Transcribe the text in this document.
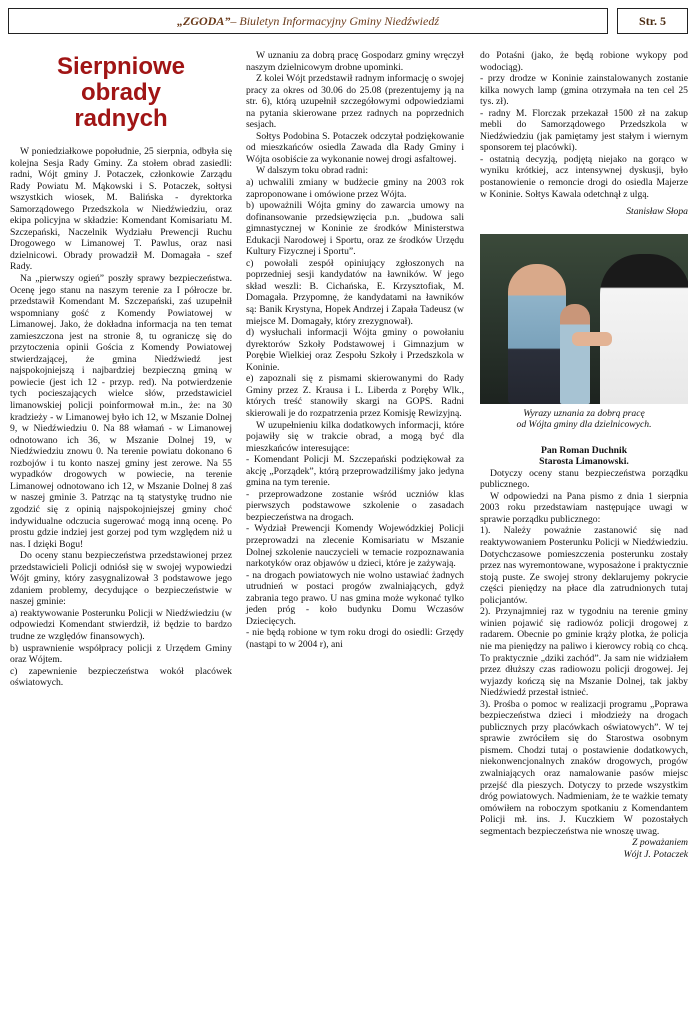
„ZGODA” – Biuletyn Informacyjny Gminy Niedźwiedź	Str. 5
Sierpniowe
obrady
radnych

W poniedziałkowe popołudnie, 25 sierpnia, odbyła się kolejna Sesja Rady Gminy. Za stołem obrad zasiedli: radni, Wójt gminy J. Potaczek, członkowie Zarządu Rady Powiatu M. Mąkowski i S. Potaczek, sołtysi wszystkich wiosek, M. Balińska - dyrektorka Samorządowego Przedszkola w Niedźwiedziu, oraz ekipa policyjna w składzie: Komendant Komisariatu M. Szczepański, Naczelnik Wydziału Prewencji Ruchu Drogowego w Limanowej T. Pawlus, oraz nasi dzielnicowi. Obrady prowadził M. Domagała - szef Rady.

Na „pierwszy ogień” poszły sprawy bezpieczeństwa. Ocenę jego stanu na naszym terenie za I półrocze br. przedstawił Komendant M. Szczepański, zaś uzupełnił wspomniany gość z Komendy Powiatowej w Limanowej. Jako, że dokładna informacja na ten temat zamieszczona jest na stronie 8, tu ograniczę się do przytoczenia opinii Gościa z Komendy Powiatowej stwierdzającej, że gmina Niedźwiedź jest najspokojniejszą i najbardziej bezpieczną gminą w powiecie (jest ich 12 - przyp. red). Na potwierdzenie tych pocieszających wielce słów, przedstawiciel limanowskiej policji poinformował m.in., że: na 30 kradzieży - w Limanowej było ich 12, w Mszanie Dolnej 9, w Niedźwiedziu 0. Na 88 włamań - w Limanowej odnotowano ich 36, w Mszanie Dolnej 19, w Niedźwiedziu znowu 0. Na terenie powiatu dokonano 6 rozbojów i tu konto naszej gminy jest zerowe. Na 55 wypadków drogowych w powiecie, na terenie Limanowej odnotowano ich 12, w Mszanie Dolnej 8 zaś w naszej gminie 3. Patrząc na tą statystykę trudno nie zgodzić się z opinią najspokojniejszej gminy choć indywidualne odczucia sugerować mogą inną ocenę. Po prostu gdzie indziej jest gorzej pod tym względem niż u nas. I dzięki Bogu!

Do oceny stanu bezpieczeństwa przedstawionej przez przedstawicieli Policji odniósł się w swojej wypowiedzi Wójt gminy, który zasygnalizował 3 podstawowe jego zdaniem problemy, decydujące o bezpieczeństwie w naszej gminie:

a) reaktywowanie Posterunku Policji w Niedźwiedziu (w odpowiedzi Komendant stwierdził, iż będzie to bardzo trudne ze względów finansowych).

b) usprawnienie współpracy policji z Urzędem Gminy oraz Wójtem.

c) zapewnienie bezpieczeństwa wokół placówek oświatowych.

W uznaniu za dobrą pracę Gospodarz gminy wręczył naszym dzielnicowym drobne upominki.

Z kolei Wójt przedstawił radnym informację o swojej pracy za okres od 30.06 do 25.08 (prezentujemy ją na str. 6), którą uzupełnił szczegółowymi odpowiedziami na pytania skierowane przez radnych na poprzednich sesjach.

Sołtys Podobina S. Potaczek odczytał podziękowanie od mieszkańców osiedla Zawada dla Rady Gminy i Wójta osobiście za wykonanie nowej drogi asfaltowej.

W dalszym toku obrad radni:

a) uchwalili zmiany w budżecie gminy na 2003 rok zaproponowane i omówione przez Wójta.

b) upoważnili Wójta gminy do zawarcia umowy na dofinansowanie przedsięwzięcia p.n. „budowa sali gimnastycznej w Koninie ze środków Ministerstwa Edukacji Narodowej i Sportu, oraz ze środków Urzędu Kultury Fizycznej i Sportu”.

c) powołali zespół opiniujący zgłoszonych na poprzedniej sesji kandydatów na ławników. W jego skład weszli: B. Cichańska, E. Krzysztofiak, M. Domagała. Przypomnę, że kandydatami na ławników są: Banik Krystyna, Hopek Andrzej i Zapała Tadeusz (w miejsce M. Domagały, który zrezygnował).

d) wysłuchali informacji Wójta gminy o powołaniu dyrektorów Szkoły Podstawowej i Gimnazjum w Porębie Wielkiej oraz Zespołu Szkoły i Przedszkola w Koninie.

e) zapoznali się z pismami skierowanymi do Rady Gminy przez Z. Krausa i L. Liberda z Poręby Wlk., których treść stanowiły skargi na GOPS. Radni skierowali je do rozpatrzenia przez Komisję Rewizyjną.

W uzupełnieniu kilka dodatkowych informacji, które pojawiły się w trakcie obrad, a mogą być dla mieszkańców interesujące:

- Komendant Policji M. Szczepański podziękował za akcję „Porządek”, którą przeprowadziliśmy jako jedyna gmina na tym terenie.

- przeprowadzone zostanie wśród uczniów klas pierwszych podstawowe szkolenie o zasadach bezpieczeństwa na drogach.

- Wydział Prewencji Komendy Wojewódzkiej Policji przeprowadzi na zlecenie Komisariatu w Mszanie Dolnej szkolenie nauczycieli w temacie rozpoznawania narkotyków oraz objawów u dzieci, które je zażywają.

- na drogach powiatowych nie wolno ustawiać żadnych utrudnień w postaci progów zwalniających, gdyż zabrania tego prawo. U nas gmina może wykonać tylko jeden próg - koło budynku Domu Wczasów Dziecięcych.

- nie będą robione w tym roku drogi do osiedli: Grzędy (nastąpi to w 2004 r), ani

do Potaśni (jako, że będą robione wykopy pod wodociąg).

- przy drodze w Koninie zainstalowanych zostanie kilka nowych lamp (gmina otrzymała na ten cel 25 tys. zł).

- radny M. Florczak przekazał 1500 zł na zakup mebli do Samorządowego Przedszkola w Niedźwiedziu (jak pamiętamy jest stałym i wiernym sponsorem tej placówki).

- ostatnią decyzją, podjętą niejako na gorąco w wyniku krótkiej, acz intensywnej dyskusji, było postanowienie o remoncie drogi do osiedla Majerze w Koninie. Sołtys Kawala odetchnął z ulgą.

Stanisław Słopa
Wyrazy uznania za dobrą pracę
od Wójta gminy dla dzielnicowych.
Pan Roman Duchnik
Starosta Limanowski.

Dotyczy oceny stanu bezpieczeństwa porządku publicznego.

W odpowiedzi na Pana pismo z dnia 1 sierpnia 2003 roku przedstawiam następujące uwagi w sprawie porządku publicznego:

1). Należy poważnie zastanowić się nad reaktywowaniem Posterunku Policji w Niedźwiedziu. Dotychczasowe pomieszczenia posterunku zostały przez nas wyremontowane, wyposażone i praktycznie stoją puste. Ze swojej strony deklarujemy pokrycie części pieniędzy na płace dla zatrudnionych tutaj policjantów.

2). Przynajmniej raz w tygodniu na terenie gminy winien pojawić się radiowóz policji drogowej z radarem. Obecnie po gminie krąży plotka, że policja nie ma pieniędzy na paliwo i kierowcy robią co chcą. To praktycznie „dziki zachód”. Ja sam nie widziałem przez dłuższy czas radiowozu policji drogowej. Jej wyjazdy kończą się na Mszanie Dolnej, tak jakby Niedźwiedź przestał istnieć.

3). Prośba o pomoc w realizacji programu „Poprawa bezpieczeństwa dzieci i młodzieży na drogach publicznych przy placówkach oświatowych”. W tej sprawie zwróciłem się do Starostwa osobnym pismem. Chodzi tutaj o postawienie dodatkowych, niekonwencjonalnych znaków drogowych, progów zwalniających oraz namalowanie pasów miejsc przejść dla pieszych. Dotyczy to przede wszystkim dróg powiatowych. Nadmieniam, że te ważkie tematy omówiłem na roboczym spotkaniu z Komendantem Policji mł. ins. J. Kuczkiem W pozostałych segmentach bezpieczeństwa nie wnoszę uwag.

Z poważaniem
Wójt J. Potaczek
